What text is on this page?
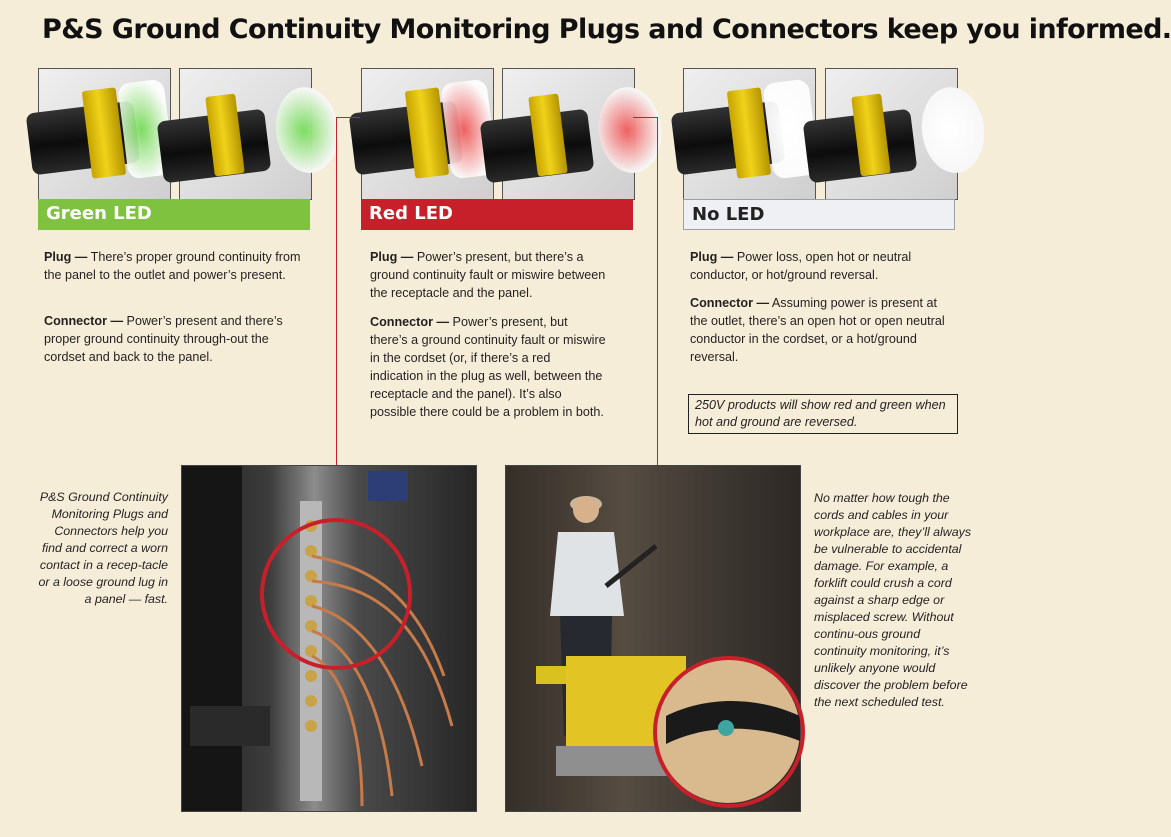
P&S Ground Continuity Monitoring Plugs and Connectors keep you informed.
Green LED	Red LED	No LED

Plug — There’s proper ground continuity from the panel to the outlet and power’s present.

Connector — Power’s present and there’s proper ground continuity through-out the cordset and back to the panel.

Plug — Power’s present, but there’s a ground continuity fault or miswire between the receptacle and the panel.

Connector — Power’s present, but there’s a ground continuity fault or miswire in the cordset (or, if there’s a red indication in the plug as well, between the receptacle and the panel). It’s also possible there could be a problem in both.

Plug — Power loss, open hot or neutral conductor, or hot/ground reversal.

Connector — Assuming power is present at the outlet, there’s an open hot or open neutral conductor in the cordset, or a hot/ground reversal.

250V products will show red and green when hot and ground are reversed.

P&S Ground Continuity Monitoring Plugs and Connectors help you find and correct a worn contact in a recep-tacle or a loose ground lug in a panel — fast.

No matter how tough the cords and cables in your workplace are, they’ll always be vulnerable to accidental damage. For example, a forklift could crush a cord against a sharp edge or misplaced screw. Without continu-ous ground continuity monitoring, it’s unlikely anyone would discover the problem before the next scheduled test.
